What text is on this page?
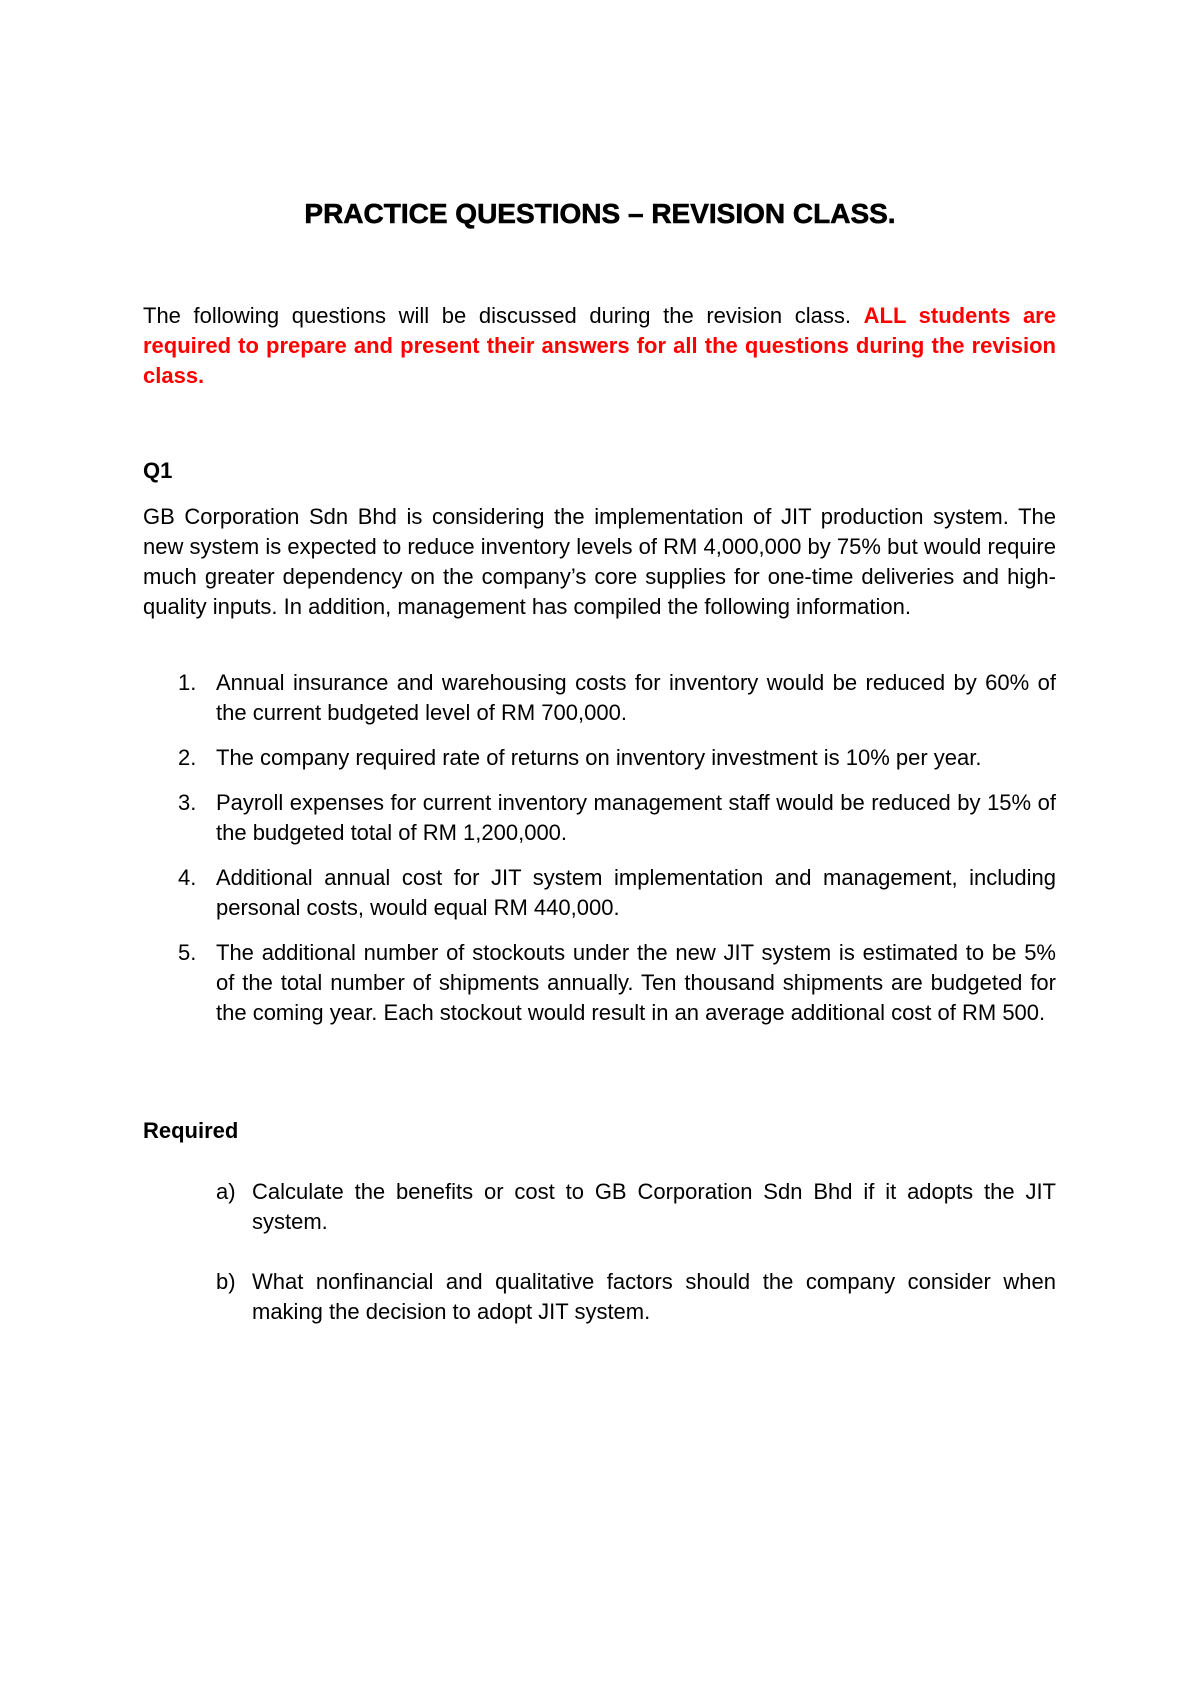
PRACTICE QUESTIONS – REVISION CLASS.
The following questions will be discussed during the revision class. ALL students are required to prepare and present their answers for all the questions during the revision class.
Q1
GB Corporation Sdn Bhd is considering the implementation of JIT production system. The new system is expected to reduce inventory levels of RM 4,000,000 by 75% but would require much greater dependency on the company’s core supplies for one-time deliveries and high-quality inputs. In addition, management has compiled the following information.
1. Annual insurance and warehousing costs for inventory would be reduced by 60% of the current budgeted level of RM 700,000.
2. The company required rate of returns on inventory investment is 10% per year.
3. Payroll expenses for current inventory management staff would be reduced by 15% of the budgeted total of RM 1,200,000.
4. Additional annual cost for JIT system implementation and management, including personal costs, would equal RM 440,000.
5. The additional number of stockouts under the new JIT system is estimated to be 5% of the total number of shipments annually. Ten thousand shipments are budgeted for the coming year. Each stockout would result in an average additional cost of RM 500.
Required
a) Calculate the benefits or cost to GB Corporation Sdn Bhd if it adopts the JIT system.
b) What nonfinancial and qualitative factors should the company consider when making the decision to adopt JIT system.
